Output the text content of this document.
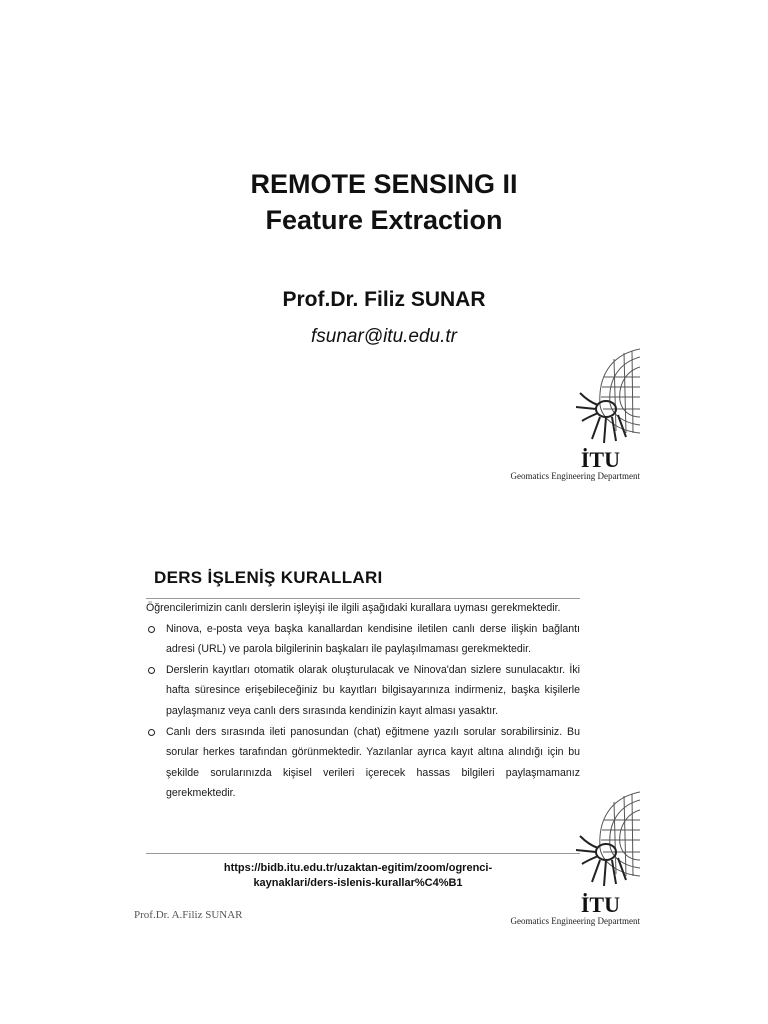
REMOTE SENSING II
Feature Extraction
Prof.Dr. Filiz SUNAR
fsunar@itu.edu.tr
İTU
Geomatics Engineering Department
DERS İŞLENİŞ KURALLARI

Öğrencilerimizin canlı derslerin işleyişi ile ilgili aşağıdaki kurallara uyması gerekmektedir.

Ninova, e-posta veya başka kanallardan kendisine iletilen canlı derse ilişkin bağlantı adresi (URL) ve parola bilgilerinin başkaları ile paylaşılmaması gerekmektedir.
Derslerin kayıtları otomatik olarak oluşturulacak ve Ninova'dan sizlere sunulacaktır. İki hafta süresince erişebileceğiniz bu kayıtları bilgisayarınıza indirmeniz, başka kişilerle paylaşmanız veya canlı ders sırasında kendinizin kayıt alması yasaktır.
Canlı ders sırasında ileti panosundan (chat) eğitmene yazılı sorular sorabilirsiniz. Bu sorular herkes tarafından görünmektedir. Yazılanlar ayrıca kayıt altına alındığı için bu şekilde sorularınızda kişisel verileri içerecek hassas bilgileri paylaşmamanız gerekmektedir.
https://bidb.itu.edu.tr/uzaktan-egitim/zoom/ogrenci-
kaynaklari/ders-islenis-kurallar%C4%B1
Prof.Dr. A.Filiz SUNAR	İTU
Geomatics Engineering Department
